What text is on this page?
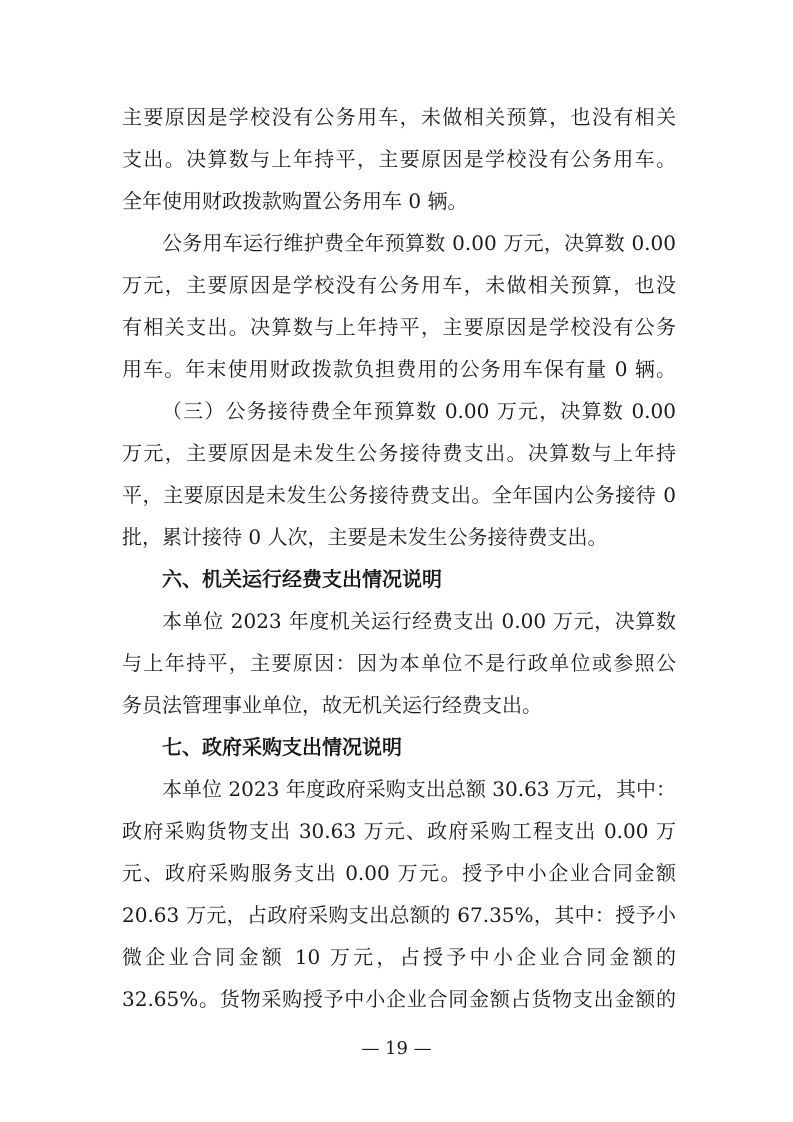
主要原因是学校没有公务用车，未做相关预算，也没有相关
支出。决算数与上年持平，主要原因是学校没有公务用车。
全年使用财政拨款购置公务用车 0 辆。
公务用车运行维护费全年预算数 0.00 万元，决算数 0.00
万元，主要原因是学校没有公务用车，未做相关预算，也没
有相关支出。决算数与上年持平，主要原因是学校没有公务
用车。年末使用财政拨款负担费用的公务用车保有量 0 辆。
（三）公务接待费全年预算数 0.00 万元，决算数 0.00
万元，主要原因是未发生公务接待费支出。决算数与上年持
平，主要原因是未发生公务接待费支出。全年国内公务接待 0
批，累计接待 0 人次，主要是未发生公务接待费支出。
六、机关运行经费支出情况说明
本单位 2023 年度机关运行经费支出 0.00 万元，决算数
与上年持平，主要原因：因为本单位不是行政单位或参照公
务员法管理事业单位，故无机关运行经费支出。
七、政府采购支出情况说明
本单位 2023 年度政府采购支出总额 30.63 万元，其中：
政府采购货物支出 30.63 万元、政府采购工程支出 0.00 万
元、政府采购服务支出 0.00 万元。授予中小企业合同金额
20.63 万元，占政府采购支出总额的 67.35%，其中：授予小
微企业合同金额 10 万元，占授予中小企业合同金额的
32.65%。货物采购授予中小企业合同金额占货物支出金额的
— 19 —
